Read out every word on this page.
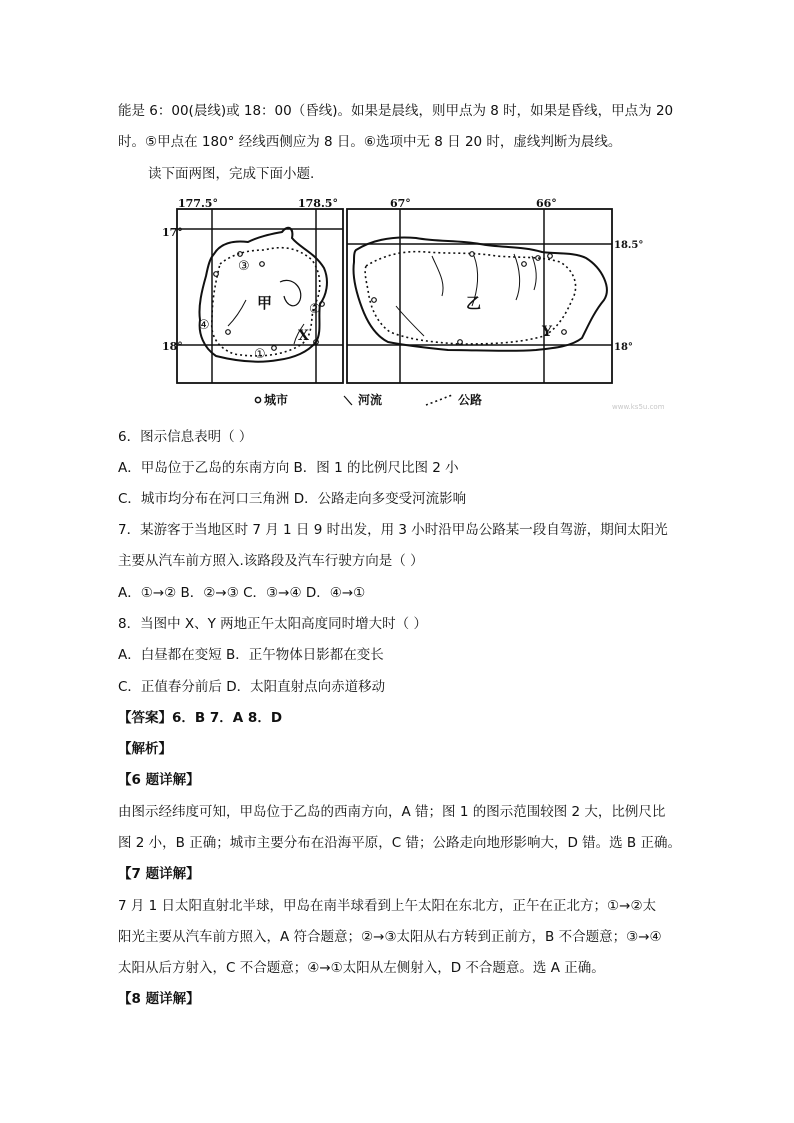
能是 6：00(晨线)或 18：00（昏线)。如果是晨线，则甲点为 8 时，如果是昏线，甲点为 20
时。⑤甲点在 180° 经线西侧应为 8 日。⑥选项中无 8 日 20 时，虚线判断为晨线。
读下面两图，完成下面小题.
177.5°	178.5°
17°
18°
甲
X
①
②
③
④
67°	66°
18.5°
18°
乙
Y
城市	河流	公路	www.ks5u.com
6．图示信息表明（ ）
A．甲岛位于乙岛的东南方向 B．图 1 的比例尺比图 2 小
C．城市均分布在河口三角洲 D．公路走向多变受河流影响
7．某游客于当地区时 7 月 1 日 9 时出发，用 3 小时沿甲岛公路某一段自驾游，期间太阳光
主要从汽车前方照入.该路段及汽车行驶方向是（ ）
A．①→② B．②→③ C．③→④ D．④→①
8．当图中 X、Y 两地正午太阳高度同时增大时（ ）
A．白昼都在变短 B．正午物体日影都在变长
C．正值春分前后 D．太阳直射点向赤道移动
【答案】6．B 7．A 8．D
【解析】
【6 题详解】
由图示经纬度可知，甲岛位于乙岛的西南方向，A 错；图 1 的图示范围较图 2 大，比例尺比
图 2 小，B 正确；城市主要分布在沿海平原，C 错；公路走向地形影响大，D 错。选 B 正确。
【7 题详解】
7 月 1 日太阳直射北半球，甲岛在南半球看到上午太阳在东北方，正午在正北方；①→②太
阳光主要从汽车前方照入，A 符合题意；②→③太阳从右方转到正前方，B 不合题意；③→④
太阳从后方射入，C 不合题意；④→①太阳从左侧射入，D 不合题意。选 A 正确。
【8 题详解】
